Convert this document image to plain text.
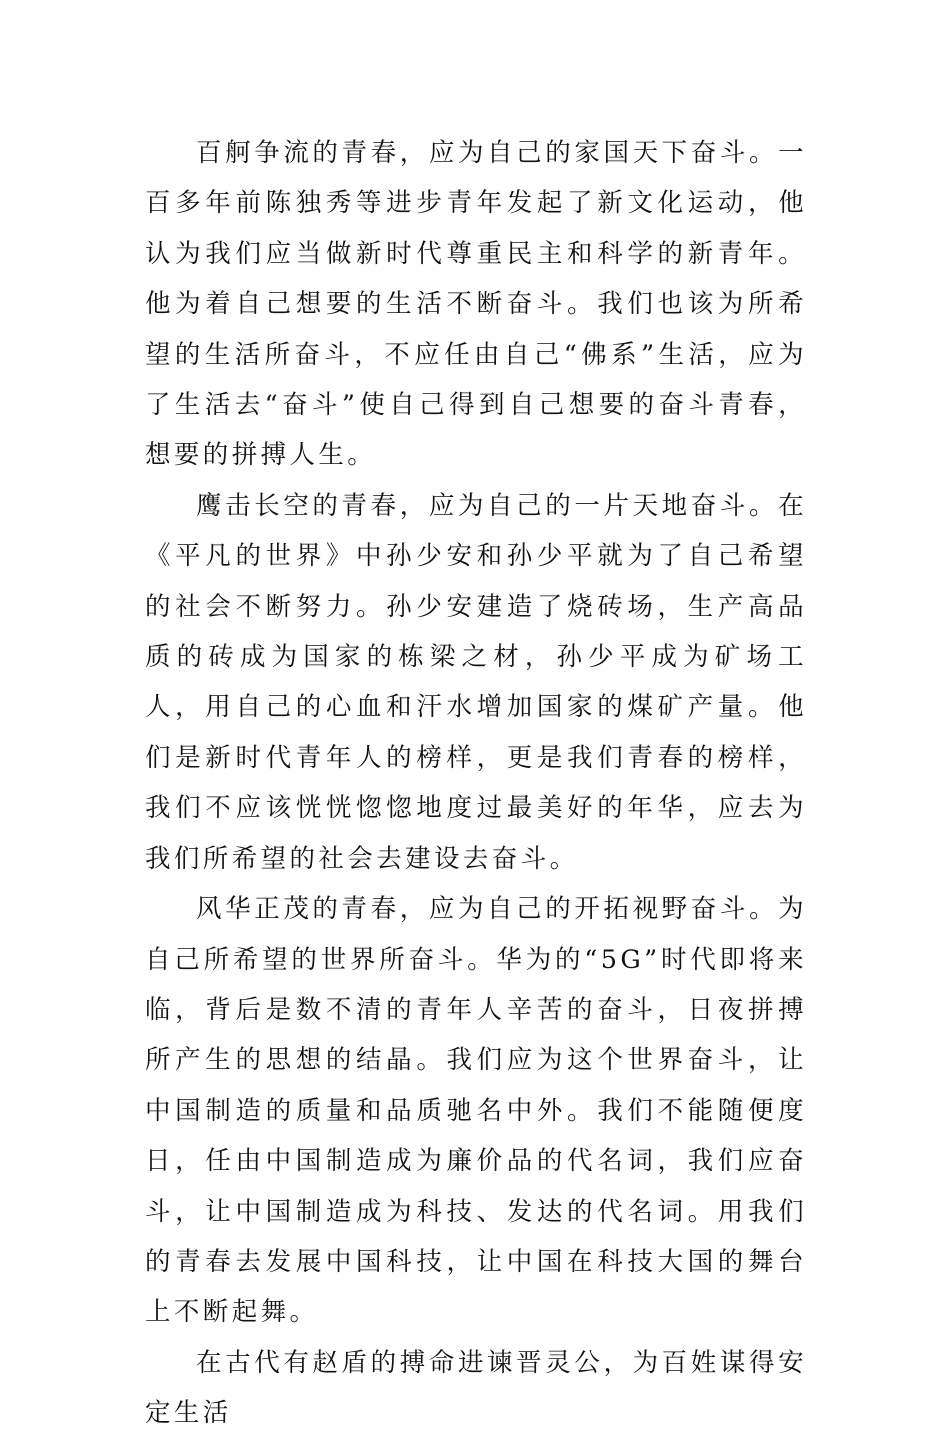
百舸争流的青春，应为自己的家国天下奋斗。一百多年前陈独秀等进步青年发起了新文化运动，他认为我们应当做新时代尊重民主和科学的新青年。他为着自己想要的生活不断奋斗。我们也该为所希望的生活所奋斗，不应任由自己“佛系”生活，应为了生活去“奋斗”使自己得到自己想要的奋斗青春，想要的拼搏人生。

鹰击长空的青春，应为自己的一片天地奋斗。在《平凡的世界》中孙少安和孙少平就为了自己希望的社会不断努力。孙少安建造了烧砖场，生产高品质的砖成为国家的栋梁之材，孙少平成为矿场工人，用自己的心血和汗水增加国家的煤矿产量。他们是新时代青年人的榜样，更是我们青春的榜样，我们不应该恍恍惚惚地度过最美好的年华，应去为我们所希望的社会去建设去奋斗。

风华正茂的青春，应为自己的开拓视野奋斗。为自己所希望的世界所奋斗。华为的“5G”时代即将来临，背后是数不清的青年人辛苦的奋斗，日夜拼搏所产生的思想的结晶。我们应为这个世界奋斗，让中国制造的质量和品质驰名中外。我们不能随便度日，任由中国制造成为廉价品的代名词，我们应奋斗，让中国制造成为科技、发达的代名词。用我们的青春去发展中国科技，让中国在科技大国的舞台上不断起舞。

在古代有赵盾的搏命进谏晋灵公，为百姓谋得安定生活
